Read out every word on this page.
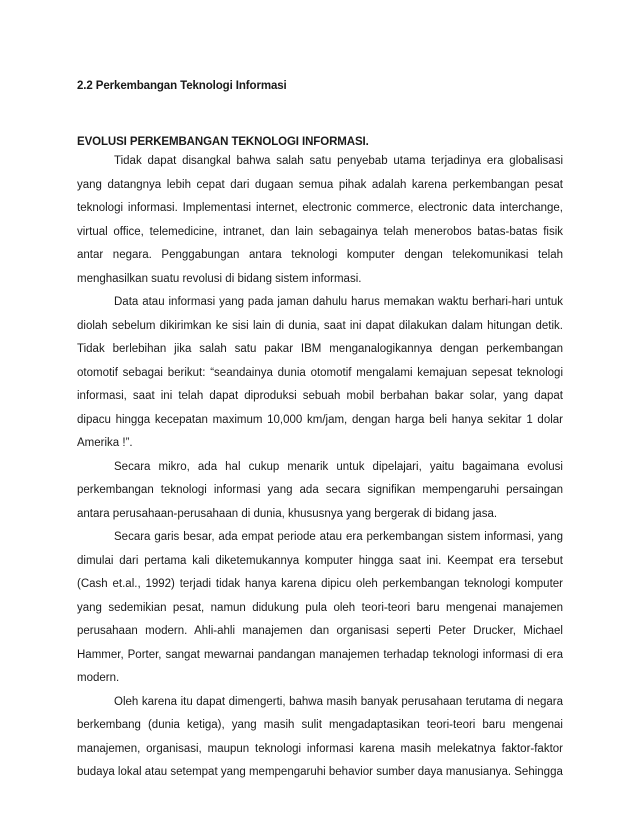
2.2 Perkembangan Teknologi Informasi
EVOLUSI PERKEMBANGAN TEKNOLOGI INFORMASI.

Tidak dapat disangkal bahwa salah satu penyebab utama terjadinya era globalisasi yang datangnya lebih cepat dari dugaan semua pihak adalah karena perkembangan pesat teknologi informasi. Implementasi internet, electronic commerce, electronic data interchange, virtual office, telemedicine, intranet, dan lain sebagainya telah menerobos batas-batas fisik antar negara. Penggabungan antara teknologi komputer dengan telekomunikasi telah menghasilkan suatu revolusi di bidang sistem informasi.

Data atau informasi yang pada jaman dahulu harus memakan waktu berhari-hari untuk diolah sebelum dikirimkan ke sisi lain di dunia, saat ini dapat dilakukan dalam hitungan detik. Tidak berlebihan jika salah satu pakar IBM menganalogikannya dengan perkembangan otomotif sebagai berikut: “seandainya dunia otomotif mengalami kemajuan sepesat teknologi informasi, saat ini telah dapat diproduksi sebuah mobil berbahan bakar solar, yang dapat dipacu hingga kecepatan maximum 10,000 km/jam, dengan harga beli hanya sekitar 1 dolar Amerika !”.

Secara mikro, ada hal cukup menarik untuk dipelajari, yaitu bagaimana evolusi perkembangan teknologi informasi yang ada secara signifikan mempengaruhi persaingan antara perusahaan-perusahaan di dunia, khususnya yang bergerak di bidang jasa.

Secara garis besar, ada empat periode atau era perkembangan sistem informasi, yang dimulai dari pertama kali diketemukannya komputer hingga saat ini. Keempat era tersebut (Cash et.al., 1992) terjadi tidak hanya karena dipicu oleh perkembangan teknologi komputer yang sedemikian pesat, namun didukung pula oleh teori-teori baru mengenai manajemen perusahaan modern. Ahli-ahli manajemen dan organisasi seperti Peter Drucker, Michael Hammer, Porter, sangat mewarnai pandangan manajemen terhadap teknologi informasi di era modern.

Oleh karena itu dapat dimengerti, bahwa masih banyak perusahaan terutama di negara berkembang (dunia ketiga), yang masih sulit mengadaptasikan teori-teori baru mengenai manajemen, organisasi, maupun teknologi informasi karena masih melekatnya faktor-faktor budaya lokal atau setempat yang mempengaruhi behavior sumber daya manusianya. Sehingga
